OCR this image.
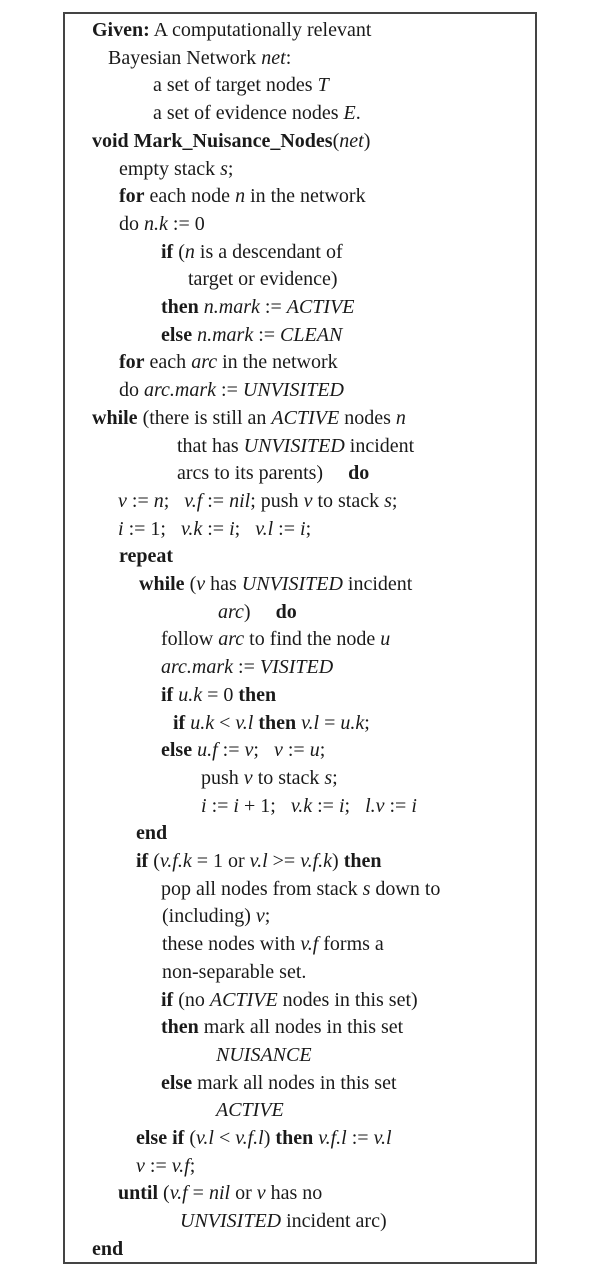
Given: A computationally relevant
Bayesian Network net:
a set of target nodes T
a set of evidence nodes E.
void Mark_Nuisance_Nodes(net)
empty stack s;
for each node n in the network
do n.k := 0
if (n is a descendant of
target or evidence)
then n.mark := ACTIVE
else n.mark := CLEAN
for each arc in the network
do arc.mark := UNVISITED
while (there is still an ACTIVE nodes n
that has UNVISITED incident
arcs to its parents)     do
v := n;   v.f := nil; push v to stack s;
i := 1;   v.k := i;   v.l := i;
repeat
while (v has UNVISITED incident
arc)     do
follow arc to find the node u
arc.mark := VISITED
if u.k = 0 then
if u.k < v.l then v.l = u.k;
else u.f := v;   v := u;
push v to stack s;
i := i + 1;   v.k := i;   l.v := i
end
if (v.f.k = 1 or v.l >= v.f.k) then
pop all nodes from stack s down to
(including) v;
these nodes with v.f forms a
non-separable set.
if (no ACTIVE nodes in this set)
then mark all nodes in this set
NUISANCE
else mark all nodes in this set
ACTIVE
else if (v.l < v.f.l) then v.f.l := v.l
v := v.f;
until (v.f = nil or v has no
UNVISITED incident arc)
end
